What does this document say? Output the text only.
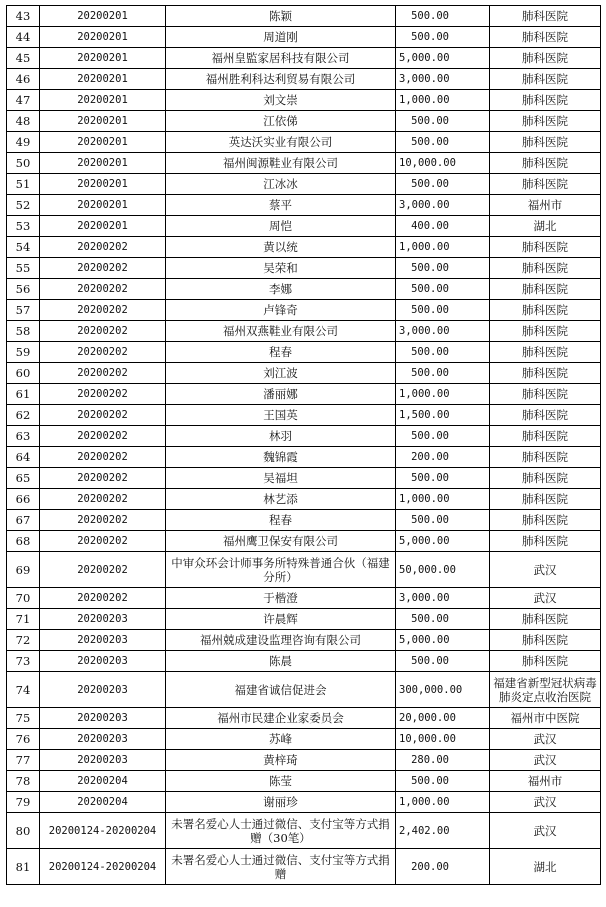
43	20200201	陈颖	500.00	肺科医院
44	20200201	周道刚	500.00	肺科医院
45	20200201	福州皇監家居科技有限公司	5,000.00	肺科医院
46	20200201	福州胜利科达利贸易有限公司	3,000.00	肺科医院
47	20200201	刘文崇	1,000.00	肺科医院
48	20200201	江依俤	500.00	肺科医院
49	20200201	英达沃实业有限公司	500.00	肺科医院
50	20200201	福州闽源鞋业有限公司	10,000.00	肺科医院
51	20200201	江冰冰	500.00	肺科医院
52	20200201	蔡平	3,000.00	福州市
53	20200201	周恺	400.00	湖北
54	20200202	黄以统	1,000.00	肺科医院
55	20200202	吴荣和	500.00	肺科医院
56	20200202	李娜	500.00	肺科医院
57	20200202	卢锋奇	500.00	肺科医院
58	20200202	福州双燕鞋业有限公司	3,000.00	肺科医院
59	20200202	程春	500.00	肺科医院
60	20200202	刘江波	500.00	肺科医院
61	20200202	潘丽娜	1,000.00	肺科医院
62	20200202	王国英	1,500.00	肺科医院
63	20200202	林羽	500.00	肺科医院
64	20200202	魏锦霞	200.00	肺科医院
65	20200202	吴福坦	500.00	肺科医院
66	20200202	林艺添	1,000.00	肺科医院
67	20200202	程春	500.00	肺科医院
68	20200202	福州鹰卫保安有限公司	5,000.00	肺科医院
69	20200202	中审众环会计师事务所特殊普通合伙（福建分所）	50,000.00	武汉
70	20200202	于楷澄	3,000.00	武汉
71	20200203	许晨辉	500.00	肺科医院
72	20200203	福州兢成建设监理咨询有限公司	5,000.00	肺科医院
73	20200203	陈晨	500.00	肺科医院
74	20200203	福建省诚信促进会	300,000.00	福建省新型冠状病毒肺炎定点收治医院
75	20200203	福州市民建企业家委员会	20,000.00	福州市中医院
76	20200203	苏峰	10,000.00	武汉
77	20200203	黄梓琦	280.00	武汉
78	20200204	陈莹	500.00	福州市
79	20200204	谢丽珍	1,000.00	武汉
80	20200124-20200204	未署名爱心人士通过微信、支付宝等方式捐赠（30笔）	2,402.00	武汉
81	20200124-20200204	未署名爱心人士通过微信、支付宝等方式捐赠	200.00	湖北
